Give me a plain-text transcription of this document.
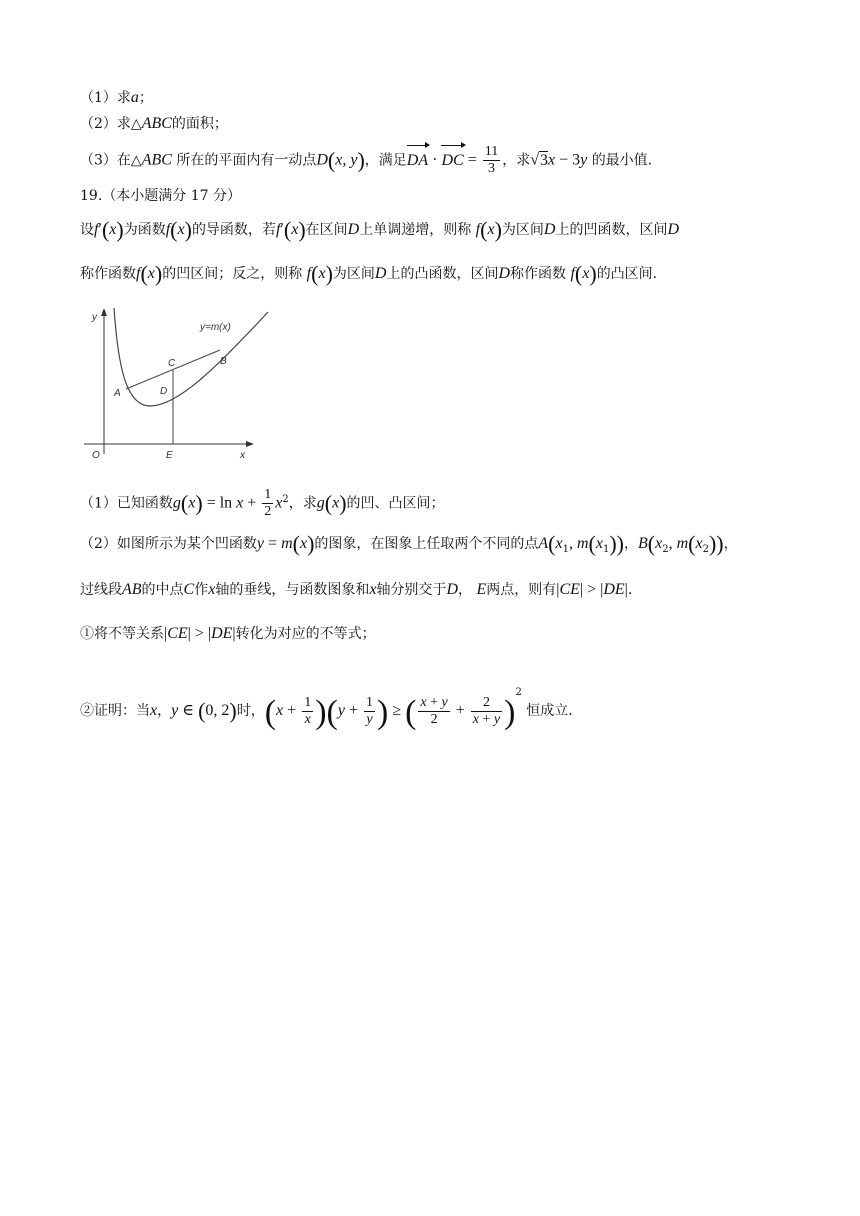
（1）求a；
（2）求△ABC的面积；
（3）在△ABC 所在的平面内有一动点D(x, y)，满足DA · DC = $\frac{11}{3}$ ，求√3x − 3y 的最小值.
19.（本小题满分 17 分）
设f′(x)为函数f(x)的导函数，若f′(x)在区间D上单调递增，则称 f(x)为区间D上的凹函数，区间D
称作函数f(x)的凹区间；反之，则称 f(x)为区间D上的凸函数，区间D称作函数 f(x)的凸区间.
y
x
O
y=m(x)
A
B
C
D
E
（1）已知函数$g(x) = \ln x + \frac{1}{2} x^2$，求g(x)的凹、凸区间；
（2）如图所示为某个凹函数y = m(x)的图象，在图象上任取两个不同的点$A(x_1$, $m(x_1)$)，$B(x_2$, $m(x_2)$)，
过线段AB的中点C作x轴的垂线，与函数图象和x轴分别交于D， E两点，则有|CE| > |DE|.
①将不等关系|CE| > |DE|转化为对应的不等式；
②证明：当x，y ∈ (0, 2)时，$(x + \frac{1}{x} )(y + \frac{1}{y}$ ) ≥ ( $\frac{x + y}{2} + \frac{2}{x + y} )^2$ 恒成立.
